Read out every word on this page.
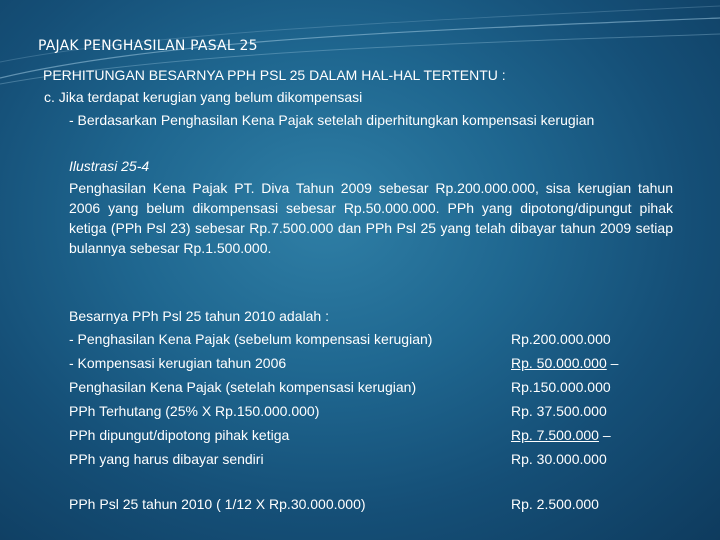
PAJAK PENGHASILAN PASAL 25
PERHITUNGAN BESARNYA PPH PSL 25 DALAM HAL-HAL TERTENTU :
c. Jika terdapat kerugian yang belum dikompensasi
- Berdasarkan Penghasilan Kena Pajak setelah diperhitungkan kompensasi kerugian
Ilustrasi 25-4
Penghasilan Kena Pajak PT. Diva Tahun 2009 sebesar Rp.200.000.000, sisa kerugian tahun 2006 yang belum dikompensasi sebesar Rp.50.000.000. PPh yang dipotong/dipungut pihak ketiga (PPh Psl 23) sebesar Rp.7.500.000 dan PPh Psl 25 yang telah dibayar tahun 2009 setiap bulannya sebesar Rp.1.500.000.
Besarnya PPh Psl 25 tahun 2010 adalah :
- Penghasilan Kena Pajak (sebelum kompensasi kerugian)	Rp.200.000.000
- Kompensasi kerugian tahun 2006	Rp. 50.000.000 –
Penghasilan Kena Pajak (setelah kompensasi kerugian)	Rp.150.000.000
PPh Terhutang (25% X Rp.150.000.000)	Rp. 37.500.000
PPh dipungut/dipotong pihak ketiga	Rp. 7.500.000 –
PPh yang harus dibayar sendiri	Rp. 30.000.000
PPh Psl 25 tahun 2010 ( 1/12 X Rp.30.000.000)	Rp. 2.500.000
